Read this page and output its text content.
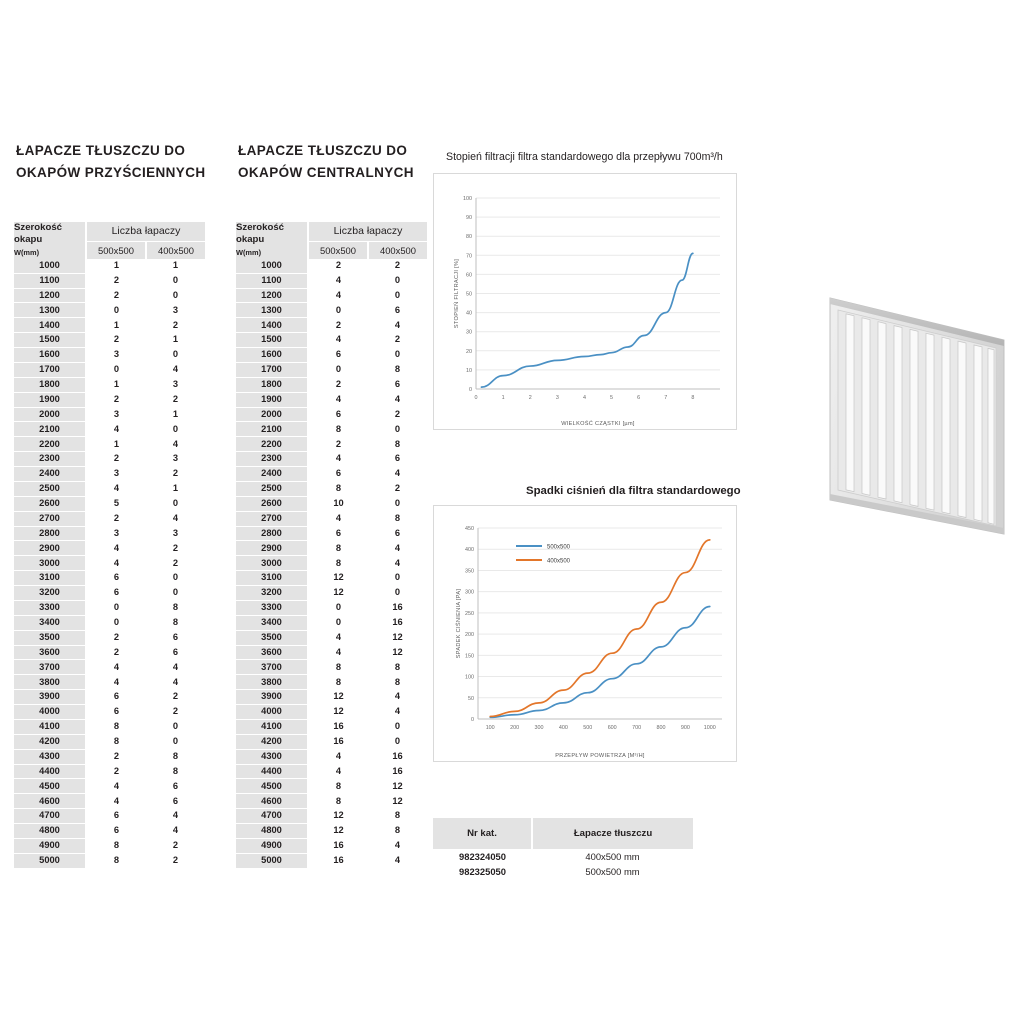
ŁAPACZE TŁUSZCZU DO OKAPÓW PRZYŚCIENNYCH
ŁAPACZE TŁUSZCZU DO OKAPÓW CENTRALNYCH
Szerokość okapu
W(mm)	Liczba łapaczy	
	500x500	400x500
1000	1	1
1100	2	0
1200	2	0
1300	0	3
1400	1	2
1500	2	1
1600	3	0
1700	0	4
1800	1	3
1900	2	2
2000	3	1
2100	4	0
2200	1	4
2300	2	3
2400	3	2
2500	4	1
2600	5	0
2700	2	4
2800	3	3
2900	4	2
3000	4	2
3100	6	0
3200	6	0
3300	0	8
3400	0	8
3500	2	6
3600	2	6
3700	4	4
3800	4	4
3900	6	2
4000	6	2
4100	8	0
4200	8	0
4300	2	8
4400	2	8
4500	4	6
4600	4	6
4700	6	4
4800	6	4
4900	8	2
5000	8	2
Szerokość okapu
W(mm)	Liczba łapaczy	
	500x500	400x500
1000	2	2
1100	4	0
1200	4	0
1300	0	6
1400	2	4
1500	4	2
1600	6	0
1700	0	8
1800	2	6
1900	4	4
2000	6	2
2100	8	0
2200	2	8
2300	4	6
2400	6	4
2500	8	2
2600	10	0
2700	4	8
2800	6	6
2900	8	4
3000	8	4
3100	12	0
3200	12	0
3300	0	16
3400	0	16
3500	4	12
3600	4	12
3700	8	8
3800	8	8
3900	12	4
4000	12	4
4100	16	0
4200	16	0
4300	4	16
4400	4	16
4500	8	12
4600	8	12
4700	12	8
4800	12	8
4900	16	4
5000	16	4
Stopień filtracji filtra standardowego dla przepływu 700m³/h
0
10
20
30
40
50
60
70
80
90
100
0	1	2	3	4	5	6	7	8
WIELKOŚĆ CZĄSTKI [µm]
STOPIEŃ FILTRACJI [%]
Spadki ciśnień dla filtra standardowego
0
50
100
150
200
250
300
350
400
450
100	200	300	400	500	600	700	800	900	1000
PRZEPŁYW POWIETRZA [M³/H]
SPADEK CIŚNIENIA [PA]
500x500
400x500
Nr kat.	Łapacze tłuszczu
982324050	400x500 mm
982325050	500x500 mm
